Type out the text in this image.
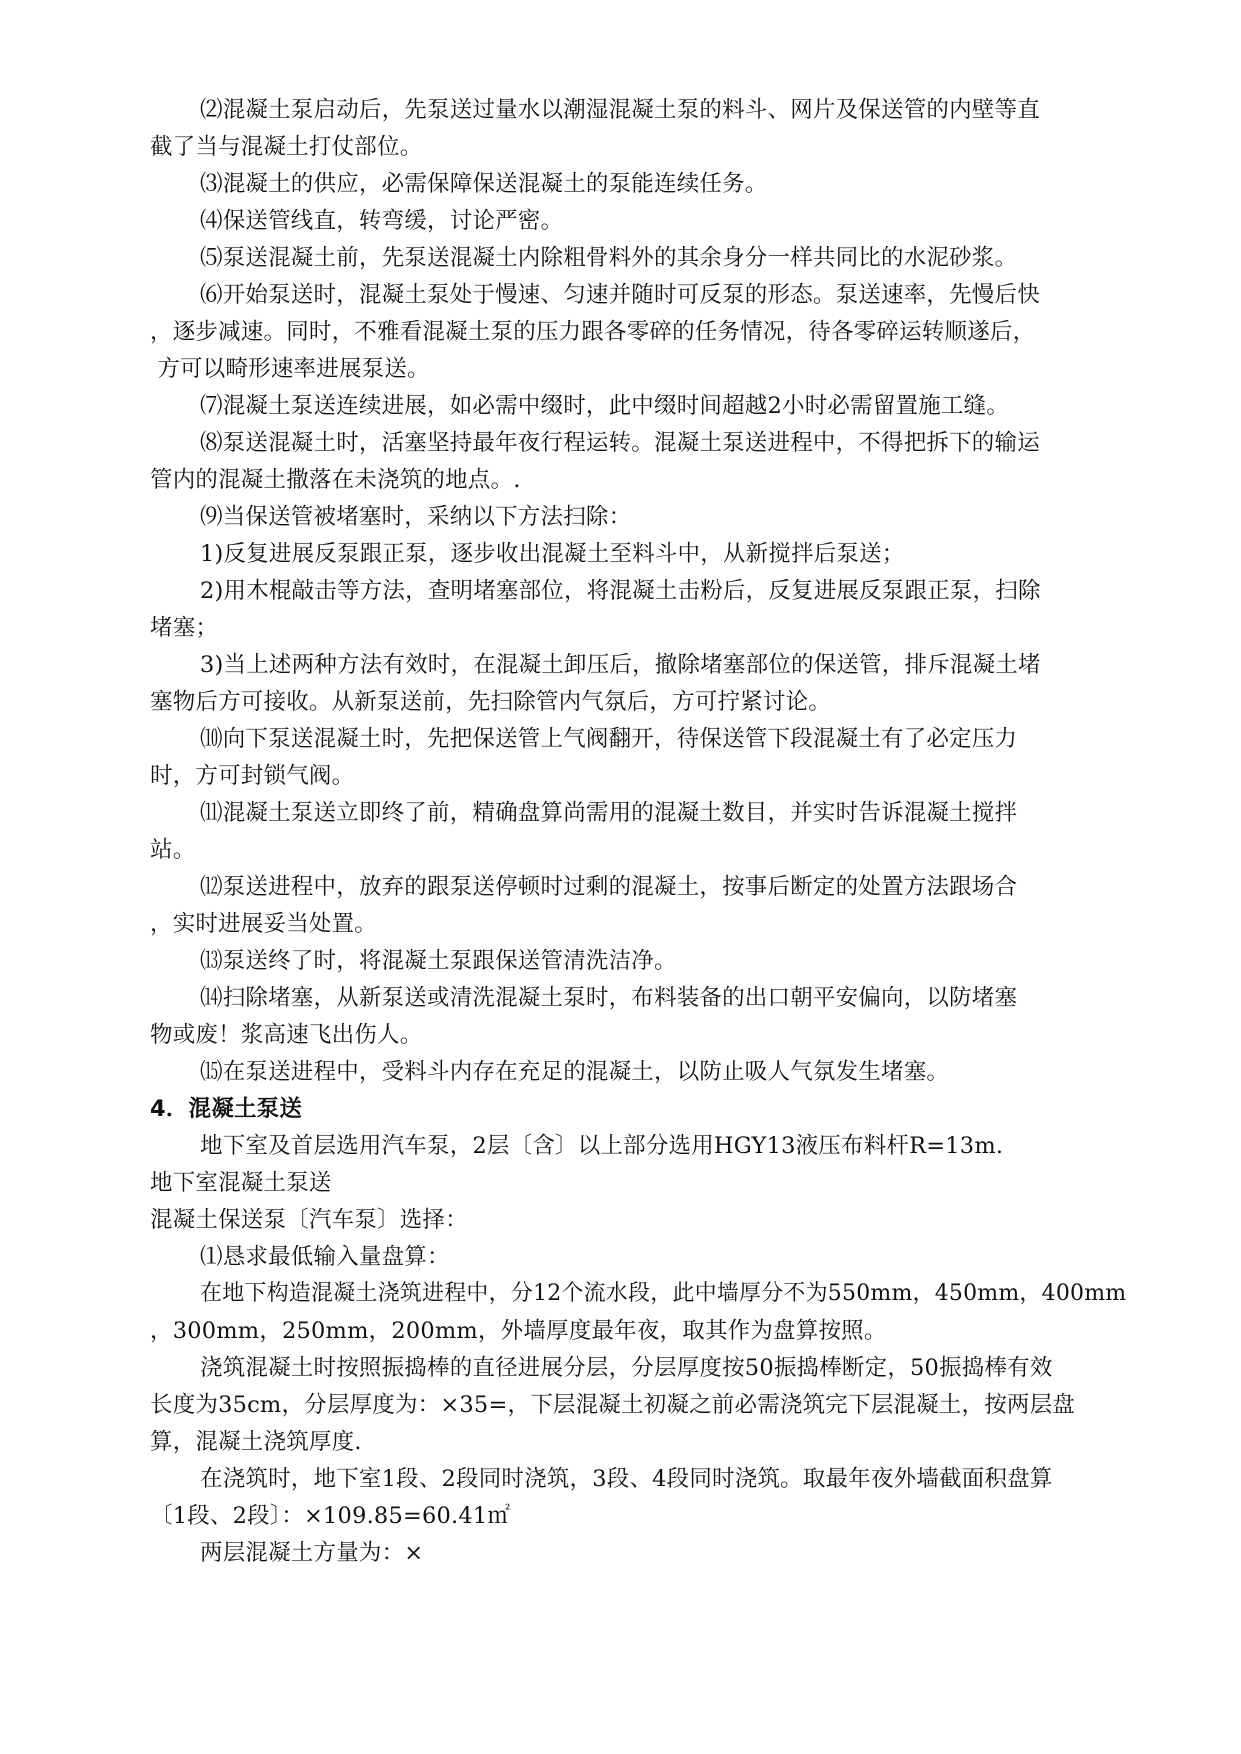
⑵混凝土泵启动后，先泵送过量水以潮湿混凝土泵的料斗、网片及保送管的内壁等直
截了当与混凝土打仗部位。
⑶混凝土的供应，必需保障保送混凝土的泵能连续任务。
⑷保送管线直，转弯缓，讨论严密。
⑸泵送混凝土前，先泵送混凝土内除粗骨料外的其余身分一样共同比的水泥砂浆。
⑹开始泵送时，混凝土泵处于慢速、匀速并随时可反泵的形态。泵送速率，先慢后快
，逐步减速。同时，不雅看混凝土泵的压力跟各零碎的任务情况，待各零碎运转顺遂后，
方可以畸形速率进展泵送。
⑺混凝土泵送连续进展，如必需中缀时，此中缀时间超越2小时必需留置施工缝。
⑻泵送混凝土时，活塞坚持最年夜行程运转。混凝土泵送进程中，不得把拆下的输运
管内的混凝土撒落在未浇筑的地点。.
⑼当保送管被堵塞时，采纳以下方法扫除：
1)反复进展反泵跟正泵，逐步收出混凝土至料斗中，从新搅拌后泵送；
2)用木棍敲击等方法，查明堵塞部位，将混凝土击粉后，反复进展反泵跟正泵，扫除
堵塞；
3)当上述两种方法有效时，在混凝土卸压后，撤除堵塞部位的保送管，排斥混凝土堵
塞物后方可接收。从新泵送前，先扫除管内气氛后，方可拧紧讨论。
⑽向下泵送混凝土时，先把保送管上气阀翻开，待保送管下段混凝土有了必定压力
时，方可封锁气阀。
⑾混凝土泵送立即终了前，精确盘算尚需用的混凝土数目，并实时告诉混凝土搅拌
站。
⑿泵送进程中，放弃的跟泵送停顿时过剩的混凝土，按事后断定的处置方法跟场合
，实时进展妥当处置。
⒀泵送终了时，将混凝土泵跟保送管清洗洁净。
⒁扫除堵塞，从新泵送或清洗混凝土泵时，布料装备的出口朝平安偏向，以防堵塞
物或废！浆高速飞出伤人。
⒂在泵送进程中，受料斗内存在充足的混凝土，以防止吸人气氛发生堵塞。
4．混凝土泵送
地下室及首层选用汽车泵，2层〔含〕以上部分选用HGY13液压布料杆R=13m.
地下室混凝土泵送
混凝土保送泵〔汽车泵〕选择：
⑴恳求最低输入量盘算：
在地下构造混凝土浇筑进程中，分12个流水段，此中墙厚分不为550mm，450mm，400mm
，300mm，250mm，200mm，外墙厚度最年夜，取其作为盘算按照。
浇筑混凝土时按照振捣棒的直径进展分层，分层厚度按50振捣棒断定，50振捣棒有效
长度为35cm，分层厚度为：×35=，下层混凝土初凝之前必需浇筑完下层混凝土，按两层盘
算，混凝土浇筑厚度.
在浇筑时，地下室1段、2段同时浇筑，3段、4段同时浇筑。取最年夜外墙截面积盘算
〔1段、2段〕：×109.85=60.41㎡
两层混凝土方量为：×
